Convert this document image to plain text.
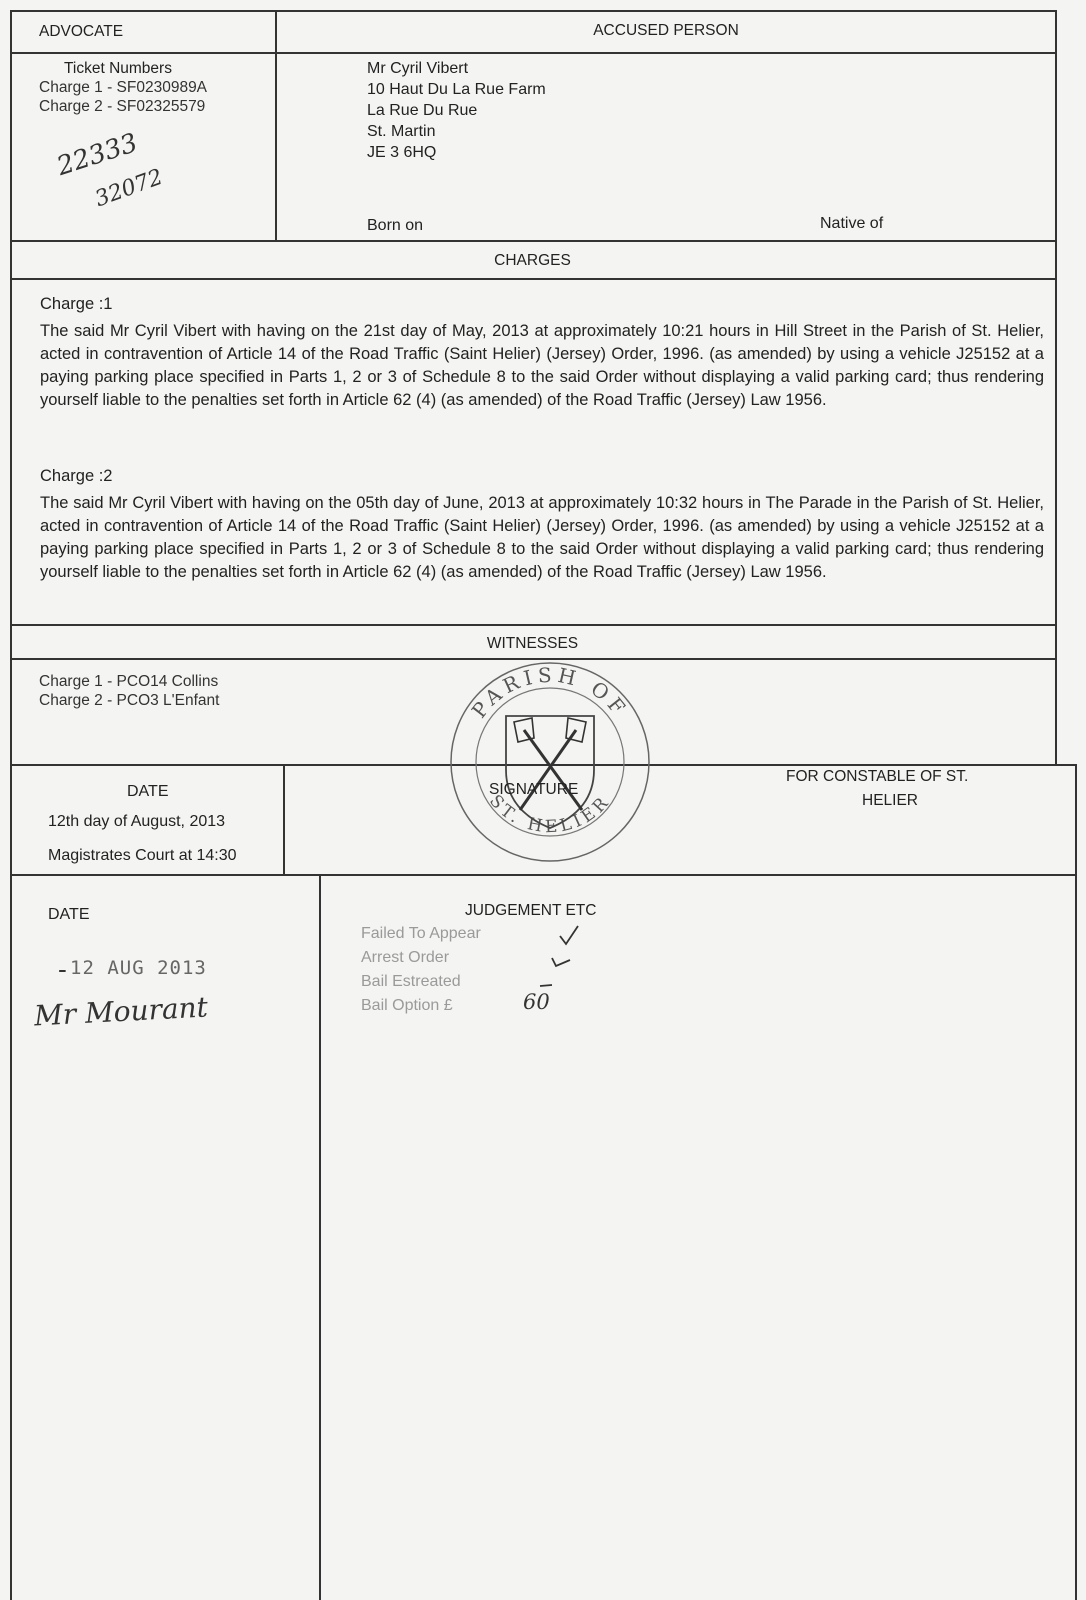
ADVOCATE	ACCUSED PERSON
Ticket Numbers
Charge 1 - SF0230989A
Charge 2 - SF02325579
22333
32072
Mr Cyril Vibert
10 Haut Du La Rue Farm
La Rue Du Rue
St. Martin
JE 3 6HQ
Born on	Native of
CHARGES
Charge :1
The said Mr Cyril Vibert with having on the 21st day of May, 2013 at approximately 10:21 hours in Hill Street in the Parish of St. Helier, acted in contravention of Article 14 of the Road Traffic (Saint Helier) (Jersey) Order, 1996. (as amended) by using a vehicle J25152 at a paying parking place specified in Parts 1, 2 or 3 of Schedule 8 to the said Order without displaying a valid parking card; thus rendering yourself liable to the penalties set forth in Article 62 (4) (as amended) of the Road Traffic (Jersey) Law 1956.
Charge :2
The said Mr Cyril Vibert with having on the 05th day of June, 2013 at approximately 10:32 hours in The Parade in the Parish of St. Helier, acted in contravention of Article 14 of the Road Traffic (Saint Helier) (Jersey) Order, 1996. (as amended) by using a vehicle J25152 at a paying parking place specified in Parts 1, 2 or 3 of Schedule 8 to the said Order without displaying a valid parking card; thus rendering yourself liable to the penalties set forth in Article 62 (4) (as amended) of the Road Traffic (Jersey) Law 1956.
WITNESSES
Charge 1 - PCO14 Collins
Charge 2 - PCO3 L'Enfant	PARISH OF
ST. HELIER
DATE
12th day of August, 2013
Magistrates Court at 14:30
SIGNATURE
FOR CONSTABLE OF ST.
HELIER
DATE	JUDGEMENT ETC
- 12 AUG 2013
Mr Mourant
Failed To Appear
Arrest Order
Bail Estreated
Bail Option £	60
